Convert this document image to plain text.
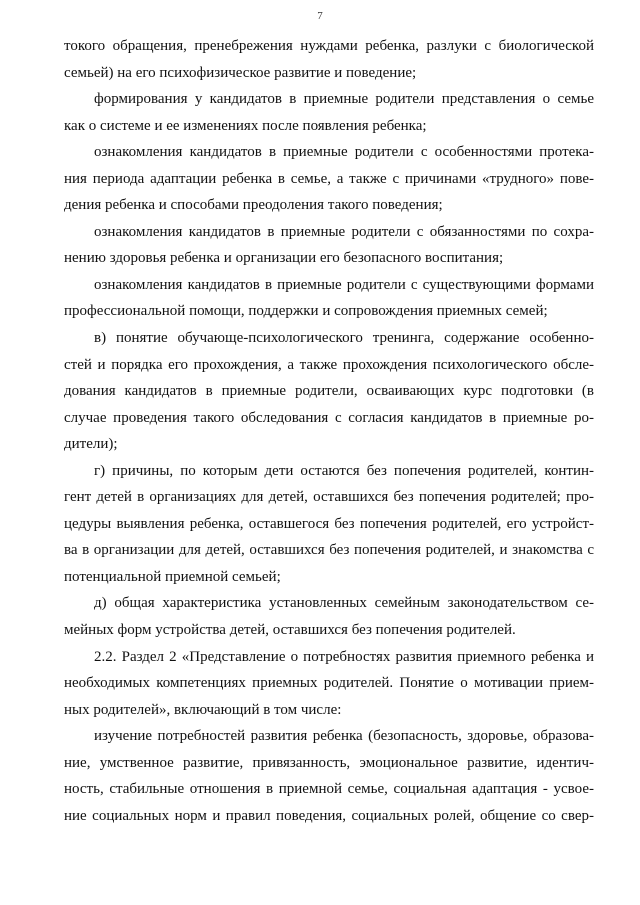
7
токого обращения, пренебрежения нуждами ребенка, разлуки с биологической
семьей) на его психофизическое развитие и поведение;
формирования у кандидатов в приемные родители представления о семье
как о системе и ее изменениях после появления ребенка;
ознакомления кандидатов в приемные родители с особенностями протека-
ния периода адаптации ребенка в семье, а также с причинами «трудного» пове-
дения ребенка и способами преодоления такого поведения;
ознакомления кандидатов в приемные родители с обязанностями по сохра-
нению здоровья ребенка и организации его безопасного воспитания;
ознакомления кандидатов в приемные родители с существующими формами
профессиональной помощи, поддержки и сопровождения приемных семей;
в) понятие обучающе-психологического тренинга, содержание особенно-
стей и порядка его прохождения, а также прохождения психологического обсле-
дования кандидатов в приемные родители, осваивающих курс подготовки (в
случае проведения такого обследования с согласия кандидатов в приемные ро-
дители);
г) причины, по которым дети остаются без попечения родителей, контин-
гент детей в организациях для детей, оставшихся без попечения родителей; про-
цедуры выявления ребенка, оставшегося без попечения родителей, его устройст-
ва в организации для детей, оставшихся без попечения родителей, и знакомства с
потенциальной приемной семьей;
д) общая характеристика установленных семейным законодательством се-
мейных форм устройства детей, оставшихся без попечения родителей.
2.2. Раздел 2 «Представление о потребностях развития приемного ребенка и
необходимых компетенциях приемных родителей. Понятие о мотивации прием-
ных родителей», включающий в том числе:
изучение потребностей развития ребенка (безопасность, здоровье, образова-
ние, умственное развитие, привязанность, эмоциональное развитие, идентич-
ность, стабильные отношения в приемной семье, социальная адаптация - усвое-
ние социальных норм и правил поведения, социальных ролей, общение со свер-
